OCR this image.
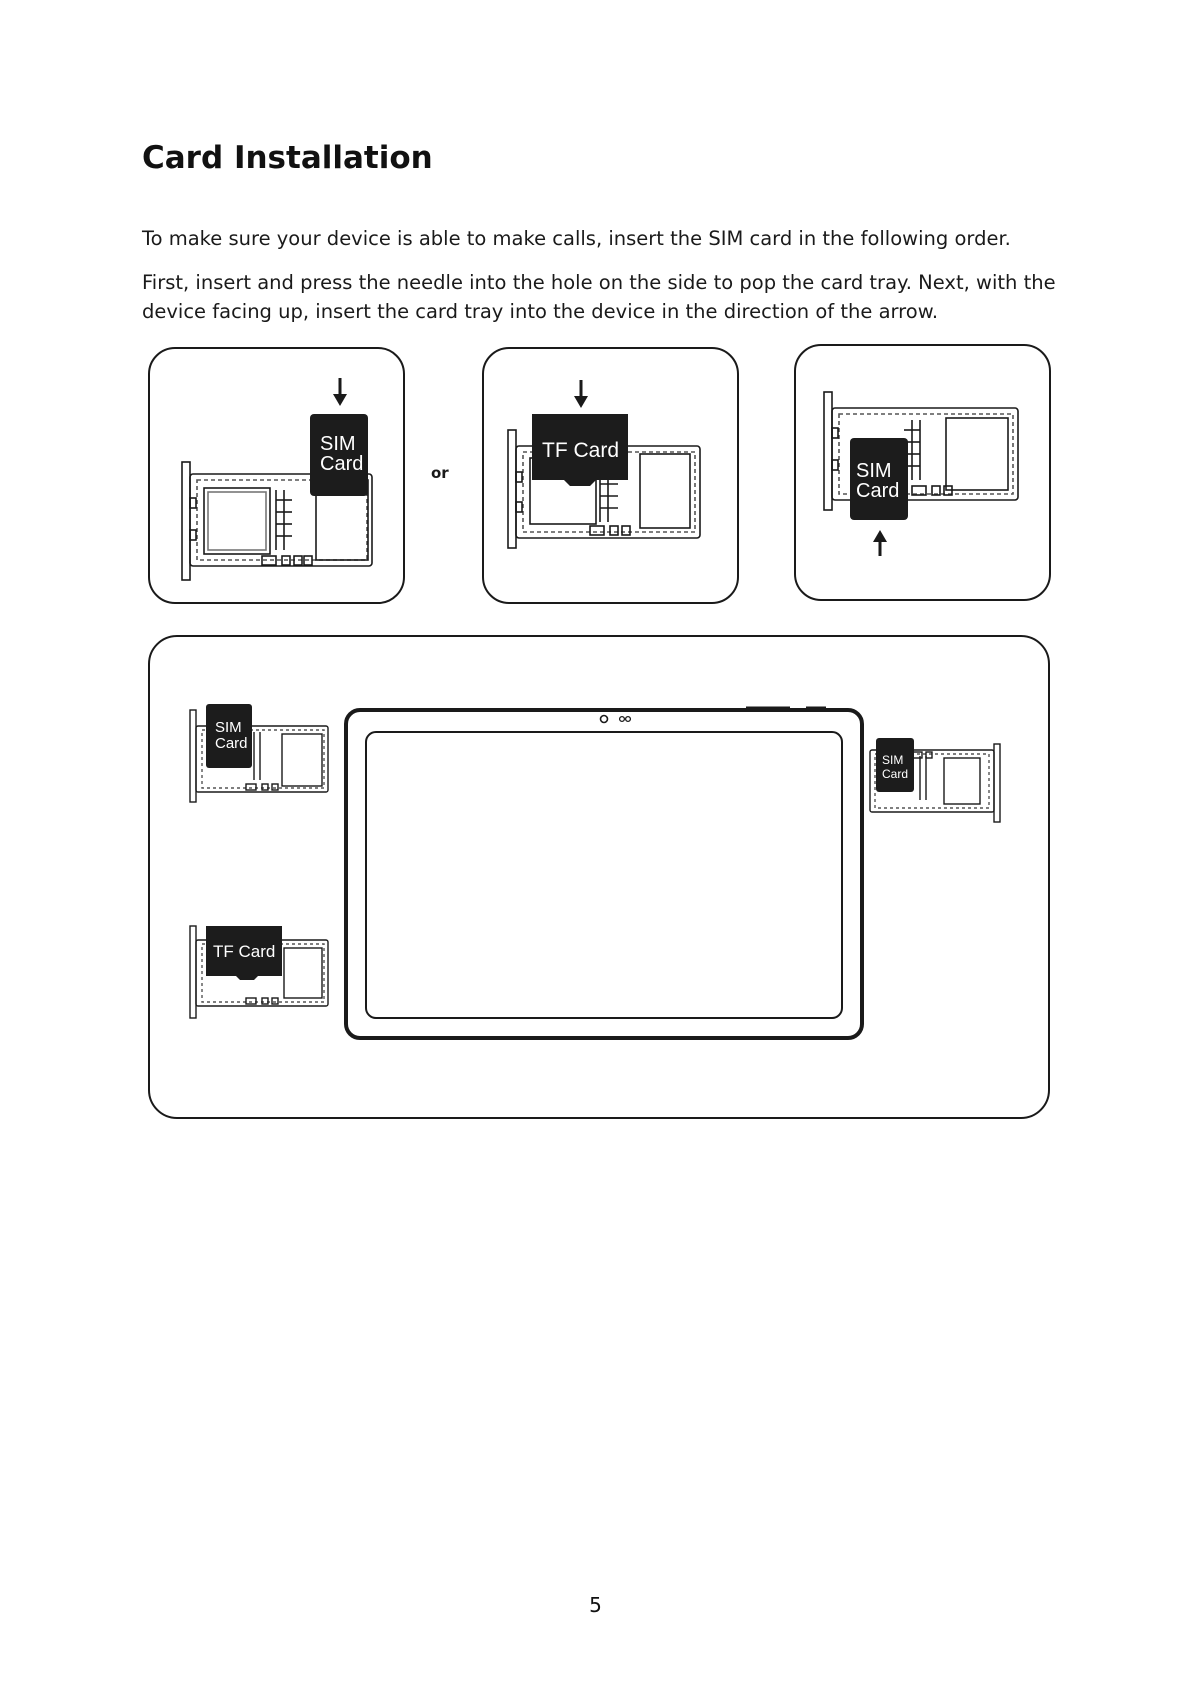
Card Installation

To make sure your device is able to make calls, insert the SIM card in the following order.

First, insert and press the needle into the hole on the side to pop the card tray. Next, with the device facing up, insert the card tray into the device in the direction of the arrow.

SIM
Card	or
TF Card
SIM
Card
SIM
Card
TF Card
SIM
Card
5
